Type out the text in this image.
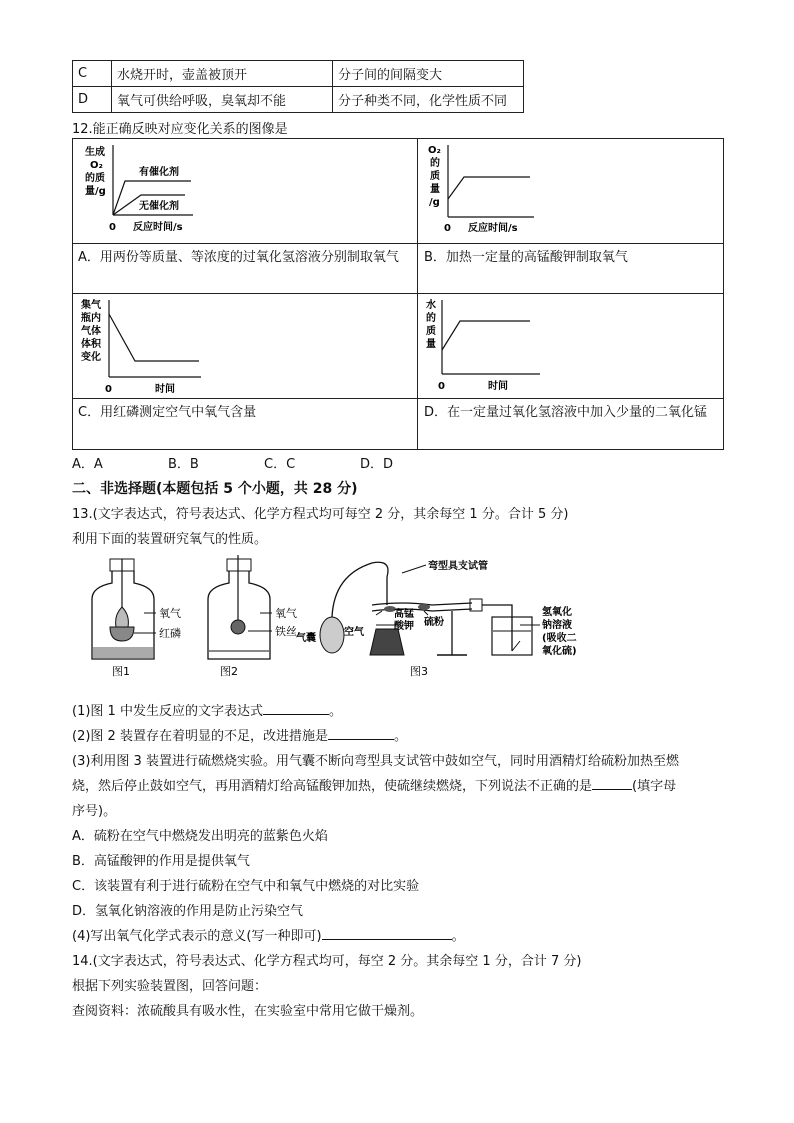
C	水烧开时，壶盖被顶开	分子间的间隔变大
D	氧气可供给呼吸，臭氧却不能	分子种类不同，化学性质不同
12.能正确反映对应变化关系的图像是
生成
O₂
的质
量/g
有催化剂
无催化剂
0 反应时间/s
O₂
的
质
量
/g
0 反应时间/s
A．用两份等质量、等浓度的过氧化氢溶液分别制取氧气	B．加热一定量的高锰酸钾制取氧气
集气
瓶内
气体
体积
变化
0	时间
水
的
质
量
0	时间
C．用红磷测定空气中氧气含量	D．在一定量过氧化氢溶液中加入少量的二氧化锰
A．A	B．B	C．C	D．D
二、非选择题(本题包括 5 个小题，共 28 分)
13.(文字表达式，符号表达式、化学方程式均可每空 2 分，其余每空 1 分。合计 5 分)
利用下面的装置研究氧气的性质。
氧气
红磷
图1
氧气
铁丝
图2
弯型具支试管
高锰
酸钾 硫粉
气囊
空气
氢氧化
钠溶液
(吸收二
氧化硫)
图3
(1)图 1 中发生反应的文字表达式	。
(2)图 2 装置存在着明显的不足，改进措施是	。
(3)利用图 3 装置进行硫燃烧实验。用气囊不断向弯型具支试管中鼓如空气，同时用酒精灯给硫粉加热至燃
烧，然后停止鼓如空气，再用酒精灯给高锰酸钾加热，使硫继续燃烧，下列说法不正确的是	(填字母
序号)。
A．硫粉在空气中燃烧发出明亮的蓝紫色火焰
B．高锰酸钾的作用是提供氧气
C．该装置有利于进行硫粉在空气中和氧气中燃烧的对比实验
D．氢氧化钠溶液的作用是防止污染空气
(4)写出氧气化学式表示的意义(写一种即可)	。
14.(文字表达式，符号表达式、化学方程式均可，每空 2 分。其余每空 1 分，合计 7 分)
根据下列实验装置图，回答问题：
查阅资料：浓硫酸具有吸水性，在实验室中常用它做干燥剂。
